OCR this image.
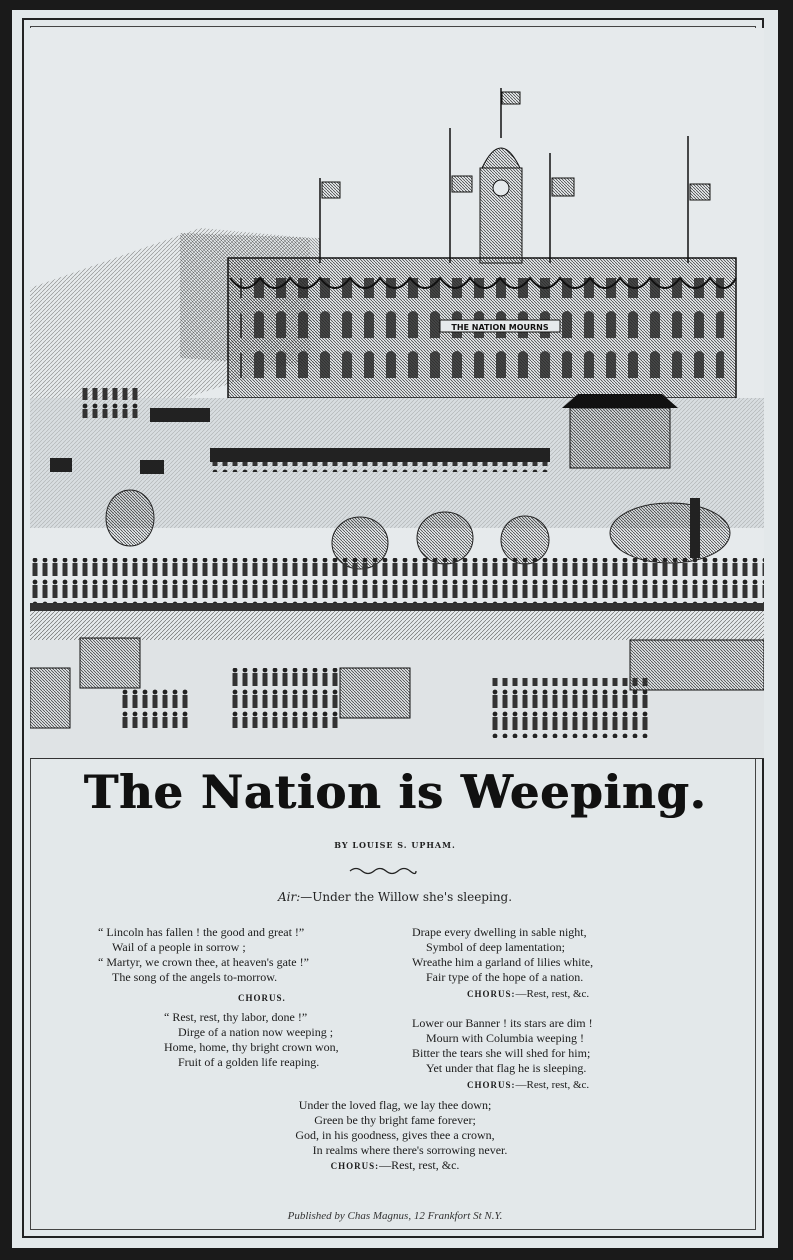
THE NATION MOURNS
The Nation is Weeping.
BY LOUISE S. UPHAM.
Air:—Under the Willow she's sleeping.
“ Lincoln has fallen ! the good and great !”
Wail of a people in sorrow ;
“ Martyr, we crown thee, at heaven's gate !”
The song of the angels to-morrow.
CHORUS.
“ Rest, rest, thy labor, done !”
Dirge of a nation now weeping ;
Home, home, thy bright crown won,
Fruit of a golden life reaping.
Drape every dwelling in sable night,
Symbol of deep lamentation;
Wreathe him a garland of lilies white,
Fair type of the hope of a nation.
CHORUS:—Rest, rest, &c.
Lower our Banner ! its stars are dim !
Mourn with Columbia weeping !
Bitter the tears she will shed for him;
Yet under that flag he is sleeping.
CHORUS:—Rest, rest, &c.
Under the loved flag, we lay thee down;
Green be thy bright fame forever;
God, in his goodness, gives thee a crown,
In realms where there's sorrowing never.
CHORUS:—Rest, rest, &c.
Published by Chas Magnus, 12 Frankfort St N.Y.
